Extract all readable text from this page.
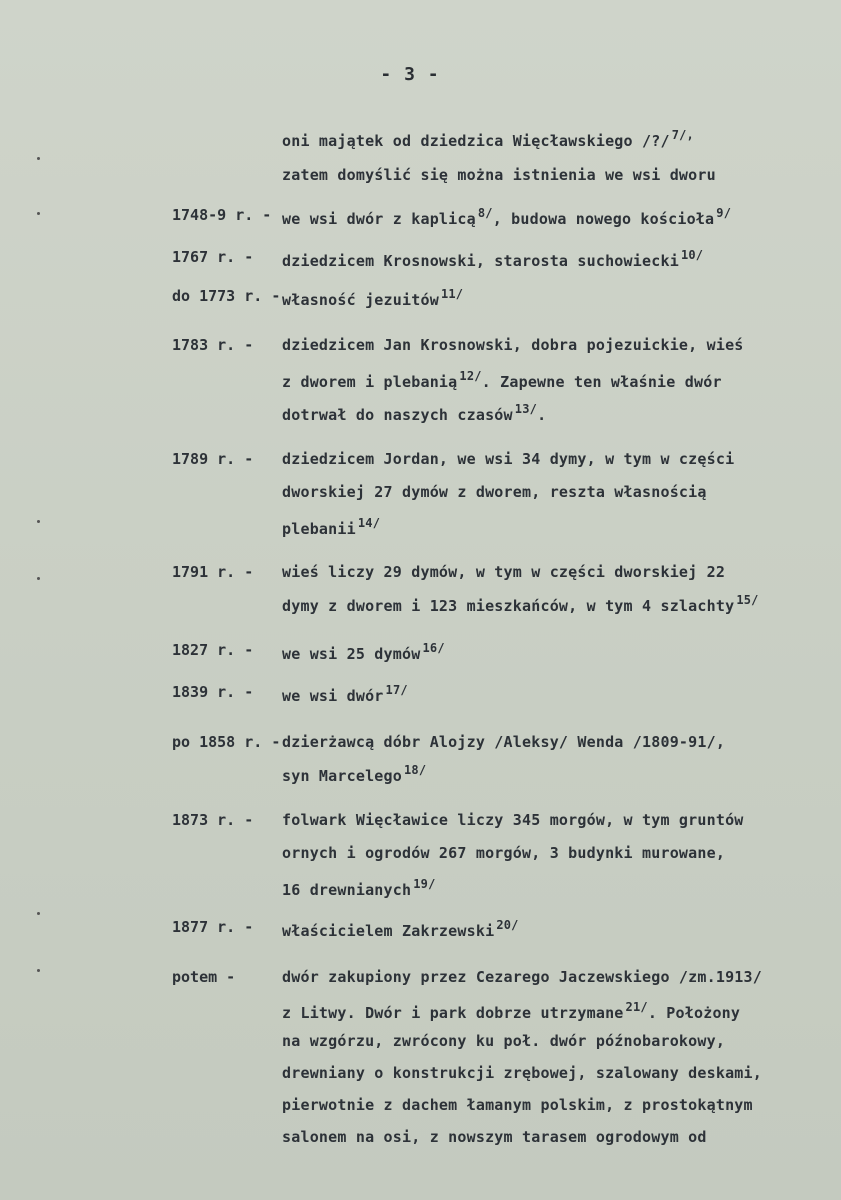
- 3 -
oni majątek od dziedzica Więcławskiego /?/ $^{7/,}$
zatem domyślić się można istnienia we wsi dworu
1748-9 r. - we wsi dwór z kaplicą $^{8/}$, budowa nowego kościoła $^{9/}$
1767 r. - dziedzicem Krosnowski, starosta suchowiecki $^{10/}$
do 1773 r. - własność jezuitów $^{11/}$
1783 r. - dziedzicem Jan Krosnowski, dobra pojezuickie, wieś
z dworem i plebanią $^{12/}$. Zapewne ten właśnie dwór
dotrwał do naszych czasów $^{13/}$.
1789 r. - dziedzicem Jordan, we wsi 34 dymy, w tym w części
dworskiej 27 dymów z dworem, reszta własnością
plebanii $^{14/}$
1791 r. - wieś liczy 29 dymów, w tym w części dworskiej 22
dymy z dworem i 123 mieszkańców, w tym 4 szlachty $^{15/}$
1827 r. - we wsi 25 dymów $^{16/}$
1839 r. - we wsi dwór $^{17/}$
po 1858 r. - dzierżawcą dóbr Alojzy /Aleksy/ Wenda /1809-91/,
syn Marcelego $^{18/}$
1873 r. - folwark Więcławice liczy 345 morgów, w tym gruntów
ornych i ogrodów 267 morgów, 3 budynki murowane,
16 drewnianych $^{19/}$
1877 r. - właścicielem Zakrzewski $^{20/}$
potem -	dwór zakupiony przez Cezarego Jaczewskiego /zm.1913/
z Litwy. Dwór i park dobrze utrzymane $^{21/}$. Położony
na wzgórzu, zwrócony ku poł. dwór późnobarokowy,
drewniany o konstrukcji zrębowej, szalowany deskami,
pierwotnie z dachem łamanym polskim, z prostokątnym
salonem na osi, z nowszym tarasem ogrodowym od
